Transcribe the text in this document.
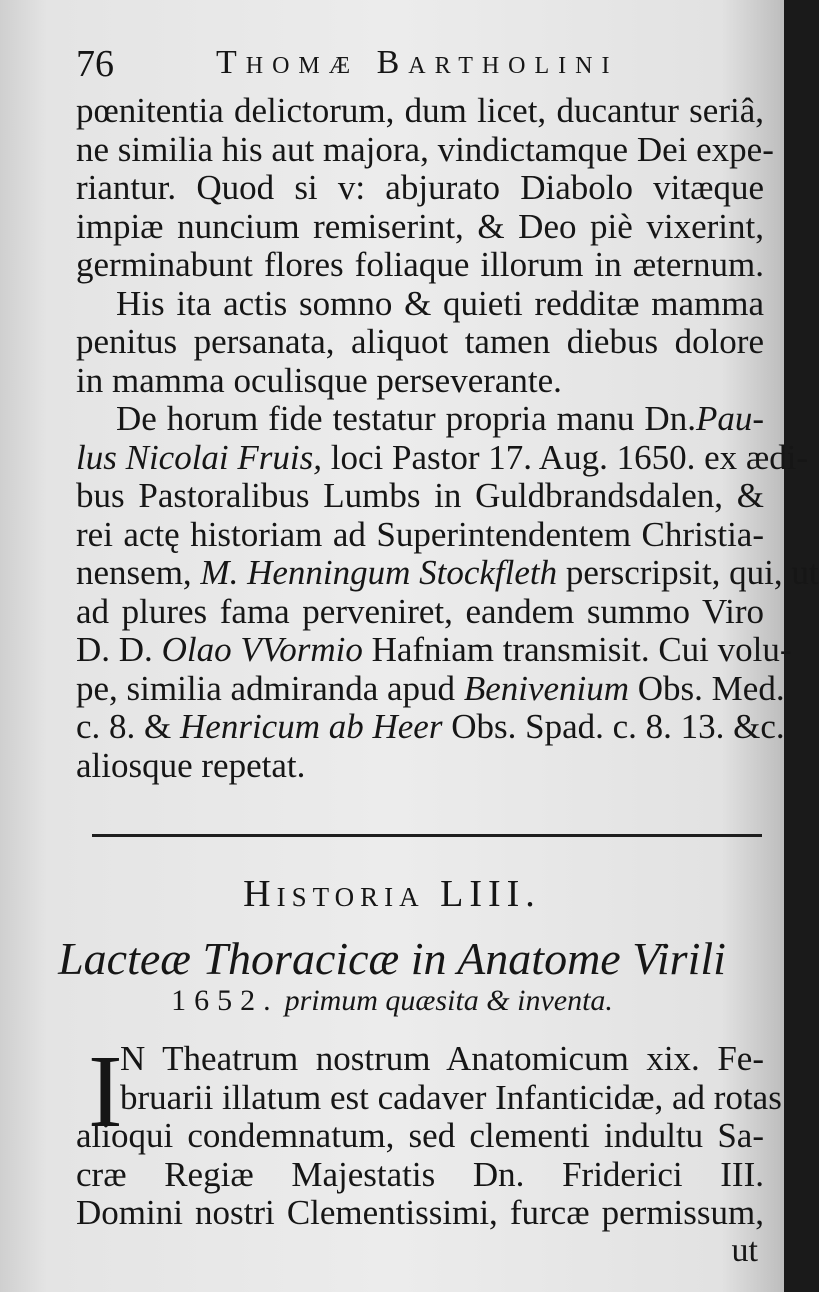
76	Thomæ Bartholini
pœnitentia delictorum, dum licet, ducantur seriâ,
ne similia his aut majora, vindictamque Dei expe-
riantur. Quod si v: abjurato Diabolo vitæque
impiæ nuncium remiserint, & Deo piè vixerint,
germinabunt flores foliaque illorum in æternum.
His ita actis somno & quieti redditæ mamma
penitus persanata, aliquot tamen diebus dolore
in mamma oculisque perseverante.
De horum fide testatur propria manu Dn.Pau-
lus Nicolai Fruis, loci Pastor 17. Aug. 1650. ex ædi-
bus Pastoralibus Lumbs in Guldbrandsdalen, &
rei actę historiam ad Superintendentem Christia-
nensem, M. Henningum Stockfleth perscripsit, qui, ut
ad plures fama perveniret, eandem summo Viro
D. D. Olao VVormio Hafniam transmisit. Cui volu-
pe, similia admiranda apud Benivenium Obs. Med.
c. 8. & Henricum ab Heer Obs. Spad. c. 8. 13. &c.
aliosque repetat.
Historia LIII.
Lacteæ Thoracicæ in Anatome Virili
1652. primum quæsita & inventa.
I
N Theatrum nostrum Anatomicum xix. Fe-
bruarii illatum est cadaver Infanticidæ, ad rotas
alioqui condemnatum, sed clementi indultu Sa-
cræ Regiæ Majestatis Dn. Friderici III.
Domini nostri Clementissimi, furcæ permissum,
ut
